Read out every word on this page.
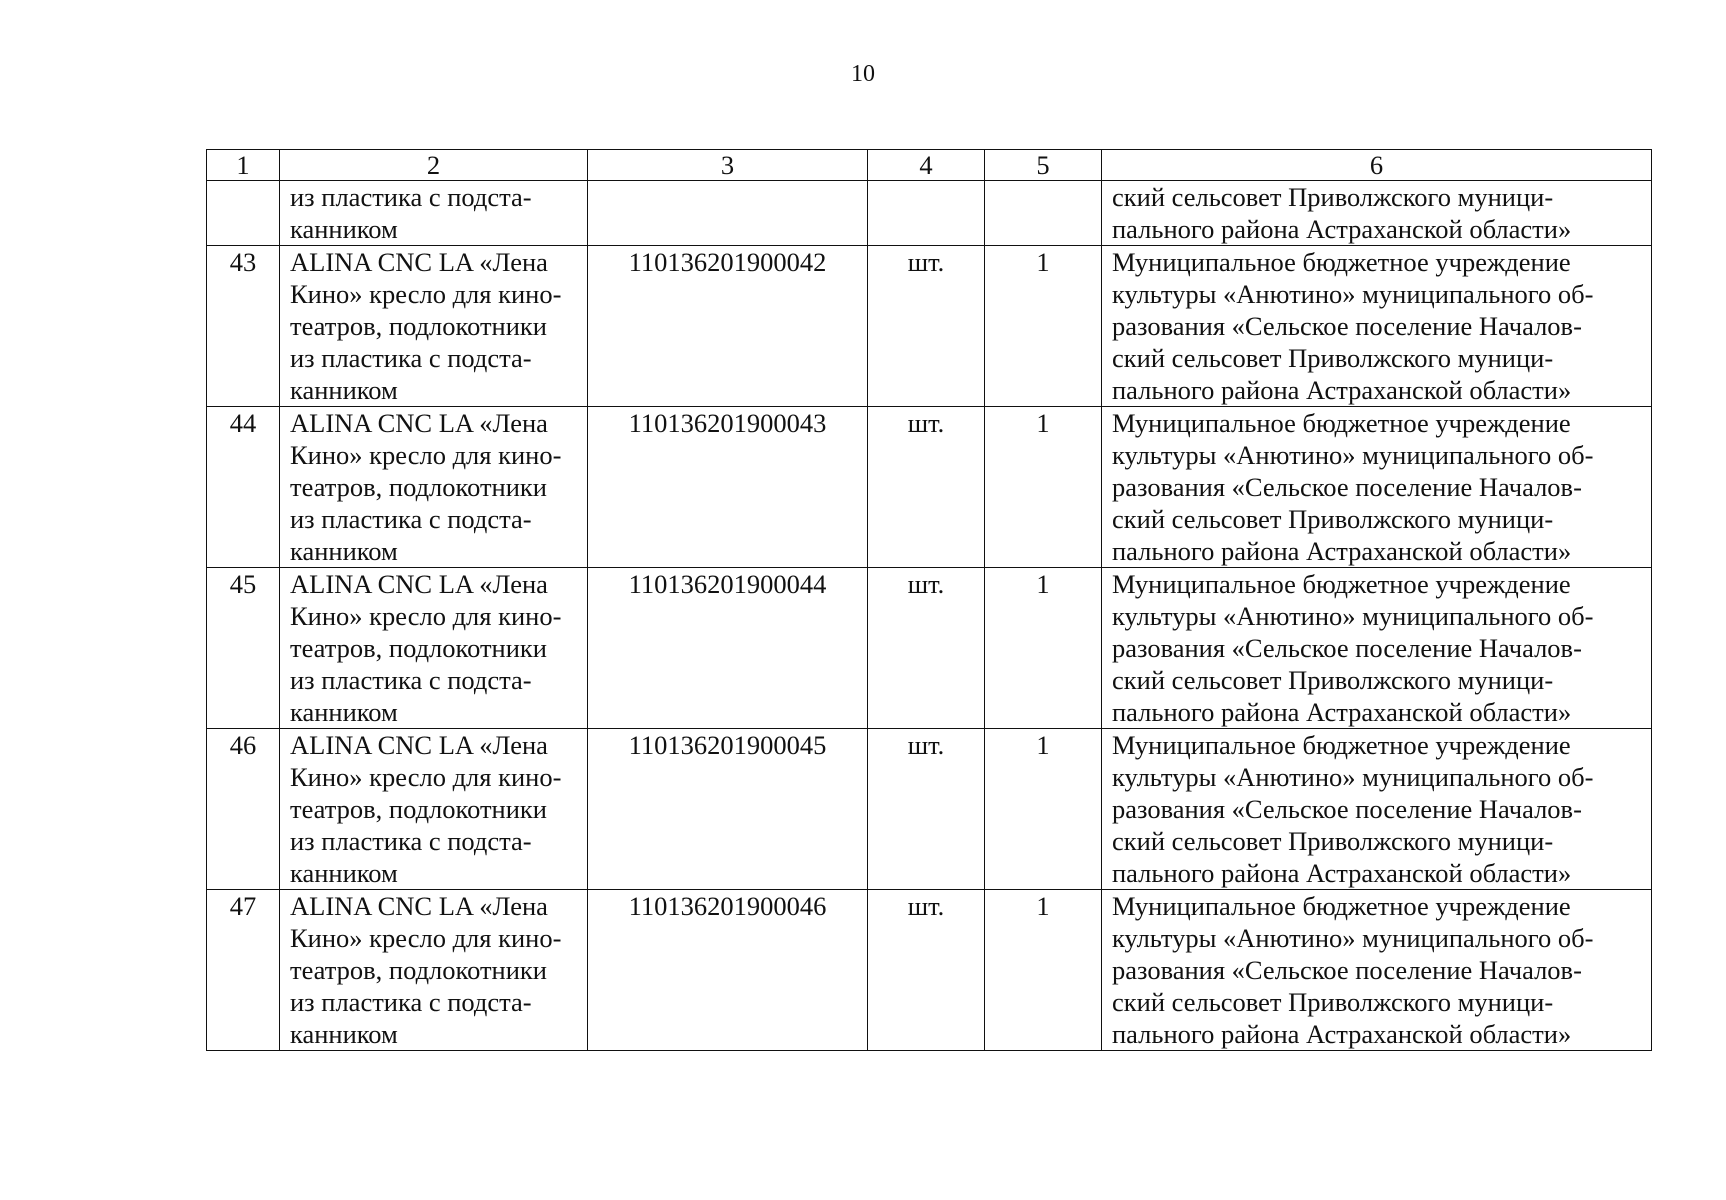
10
1	2	3	4	5	6

	из пластика с подста-
канником				ский сельсовет Приволжского муници-
пального района Астраханской области»

43	ALINA CNC LA «Лена
Кино» кресло для кино-
театров, подлокотники
из пластика с подста-
канником	110136201900042	шт.	1	Муниципальное бюджетное учреждение
культуры «Анютино» муниципального об-
разования «Сельское поселение Началов-
ский сельсовет Приволжского муници-
пального района Астраханской области»

44	ALINA CNC LA «Лена
Кино» кресло для кино-
театров, подлокотники
из пластика с подста-
канником	110136201900043	шт.	1	Муниципальное бюджетное учреждение
культуры «Анютино» муниципального об-
разования «Сельское поселение Началов-
ский сельсовет Приволжского муници-
пального района Астраханской области»

45	ALINA CNC LA «Лена
Кино» кресло для кино-
театров, подлокотники
из пластика с подста-
канником	110136201900044	шт.	1	Муниципальное бюджетное учреждение
культуры «Анютино» муниципального об-
разования «Сельское поселение Началов-
ский сельсовет Приволжского муници-
пального района Астраханской области»

46	ALINA CNC LA «Лена
Кино» кресло для кино-
театров, подлокотники
из пластика с подста-
канником	110136201900045	шт.	1	Муниципальное бюджетное учреждение
культуры «Анютино» муниципального об-
разования «Сельское поселение Началов-
ский сельсовет Приволжского муници-
пального района Астраханской области»

47	ALINA CNC LA «Лена
Кино» кресло для кино-
театров, подлокотники
из пластика с подста-
канником	110136201900046	шт.	1	Муниципальное бюджетное учреждение
культуры «Анютино» муниципального об-
разования «Сельское поселение Началов-
ский сельсовет Приволжского муници-
пального района Астраханской области»
